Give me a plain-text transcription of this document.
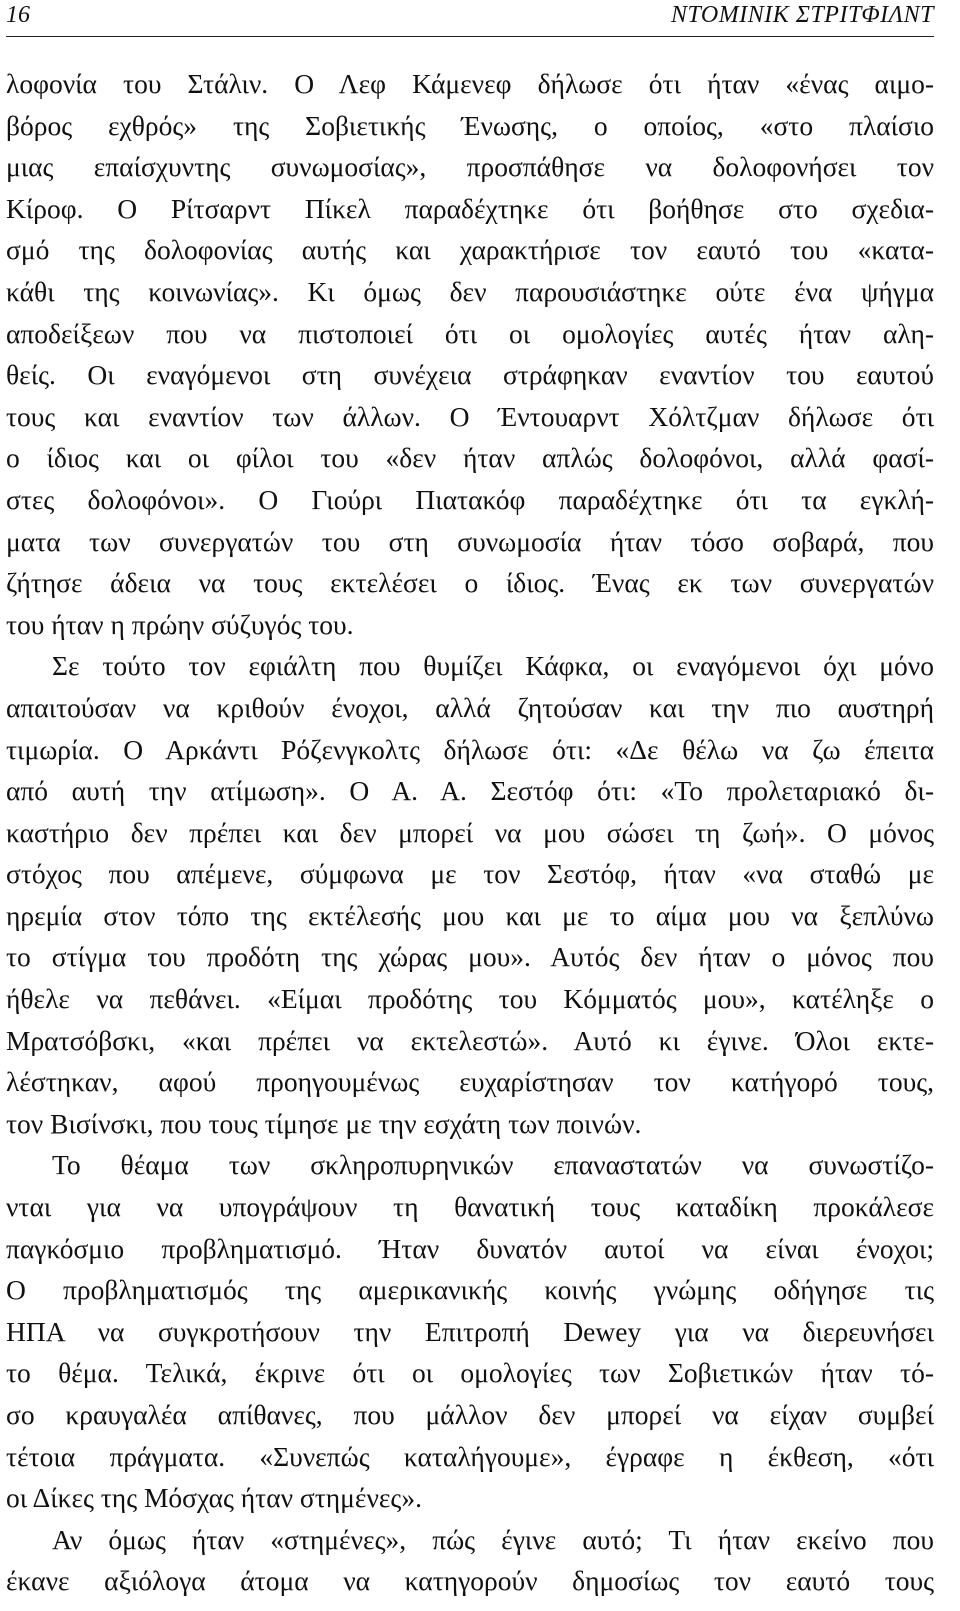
16	ΝΤΟΜΙΝΙΚ ΣΤΡΙΤΦΙΛΝΤ
λοφονία του Στάλιν. Ο Λεφ Κάμενεφ δήλωσε ότι ήταν «ένας αιμο-
βόρος εχθρός» της Σοβιετικής Ένωσης, ο οποίος, «στο πλαίσιο
μιας επαίσχυντης συνωμοσίας», προσπάθησε να δολοφονήσει τον
Κίροφ. Ο Ρίτσαρντ Πίκελ παραδέχτηκε ότι βοήθησε στο σχεδια-
σμό της δολοφονίας αυτής και χαρακτήρισε τον εαυτό του «κατα-
κάθι της κοινωνίας». Κι όμως δεν παρουσιάστηκε ούτε ένα ψήγμα
αποδείξεων που να πιστοποιεί ότι οι ομολογίες αυτές ήταν αλη-
θείς. Οι εναγόμενοι στη συνέχεια στράφηκαν εναντίον του εαυτού
τους και εναντίον των άλλων. Ο Έντουαρντ Χόλτζμαν δήλωσε ότι
ο ίδιος και οι φίλοι του «δεν ήταν απλώς δολοφόνοι, αλλά φασί-
στες δολοφόνοι». Ο Γιούρι Πιατακόφ παραδέχτηκε ότι τα εγκλή-
ματα των συνεργατών του στη συνωμοσία ήταν τόσο σοβαρά, που
ζήτησε άδεια να τους εκτελέσει ο ίδιος. Ένας εκ των συνεργατών
του ήταν η πρώην σύζυγός του.
Σε τούτο τον εφιάλτη που θυμίζει Κάφκα, οι εναγόμενοι όχι μόνο
απαιτούσαν να κριθούν ένοχοι, αλλά ζητούσαν και την πιο αυστηρή
τιμωρία. Ο Αρκάντι Ρόζενγκολτς δήλωσε ότι: «Δε θέλω να ζω έπειτα
από αυτή την ατίμωση». Ο Α. Α. Σεστόφ ότι: «Το προλεταριακό δι-
καστήριο δεν πρέπει και δεν μπορεί να μου σώσει τη ζωή». Ο μόνος
στόχος που απέμενε, σύμφωνα με τον Σεστόφ, ήταν «να σταθώ με
ηρεμία στον τόπο της εκτέλεσής μου και με το αίμα μου να ξεπλύνω
το στίγμα του προδότη της χώρας μου». Αυτός δεν ήταν ο μόνος που
ήθελε να πεθάνει. «Είμαι προδότης του Κόμματός μου», κατέληξε ο
Μρατσόβσκι, «και πρέπει να εκτελεστώ». Αυτό κι έγινε. Όλοι εκτε-
λέστηκαν, αφού προηγουμένως ευχαρίστησαν τον κατήγορό τους,
τον Βισίνσκι, που τους τίμησε με την εσχάτη των ποινών.
Το θέαμα των σκληροπυρηνικών επαναστατών να συνωστίζο-
νται για να υπογράψουν τη θανατική τους καταδίκη προκάλεσε
παγκόσμιο προβληματισμό. Ήταν δυνατόν αυτοί να είναι ένοχοι;
Ο προβληματισμός της αμερικανικής κοινής γνώμης οδήγησε τις
ΗΠΑ να συγκροτήσουν την Επιτροπή Dewey για να διερευνήσει
το θέμα. Τελικά, έκρινε ότι οι ομολογίες των Σοβιετικών ήταν τό-
σο κραυγαλέα απίθανες, που μάλλον δεν μπορεί να είχαν συμβεί
τέτοια πράγματα. «Συνεπώς καταλήγουμε», έγραφε η έκθεση, «ότι
οι Δίκες της Μόσχας ήταν στημένες».
Αν όμως ήταν «στημένες», πώς έγινε αυτό; Τι ήταν εκείνο που
έκανε αξιόλογα άτομα να κατηγορούν δημοσίως τον εαυτό τους
